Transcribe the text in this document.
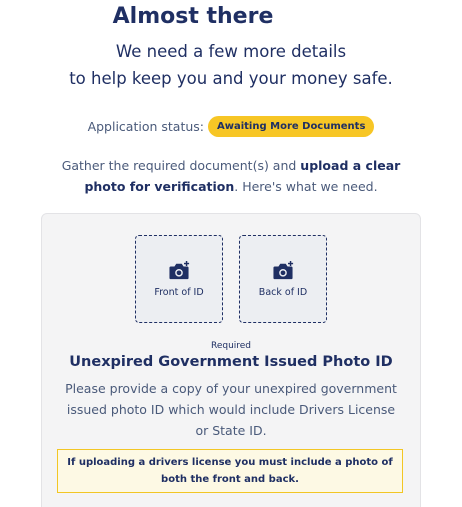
Almost there
We need a few more details
to help keep you and your money safe.
Application status:	Awaiting More Documents
Gather the required document(s) and upload a clear photo for verification. Here's what we need.
Front of ID	Back of ID
Required
Unexpired Government Issued Photo ID
Please provide a copy of your unexpired government issued photo ID which would include Drivers License or State ID.
If uploading a drivers license you must include a photo of both the front and back.
